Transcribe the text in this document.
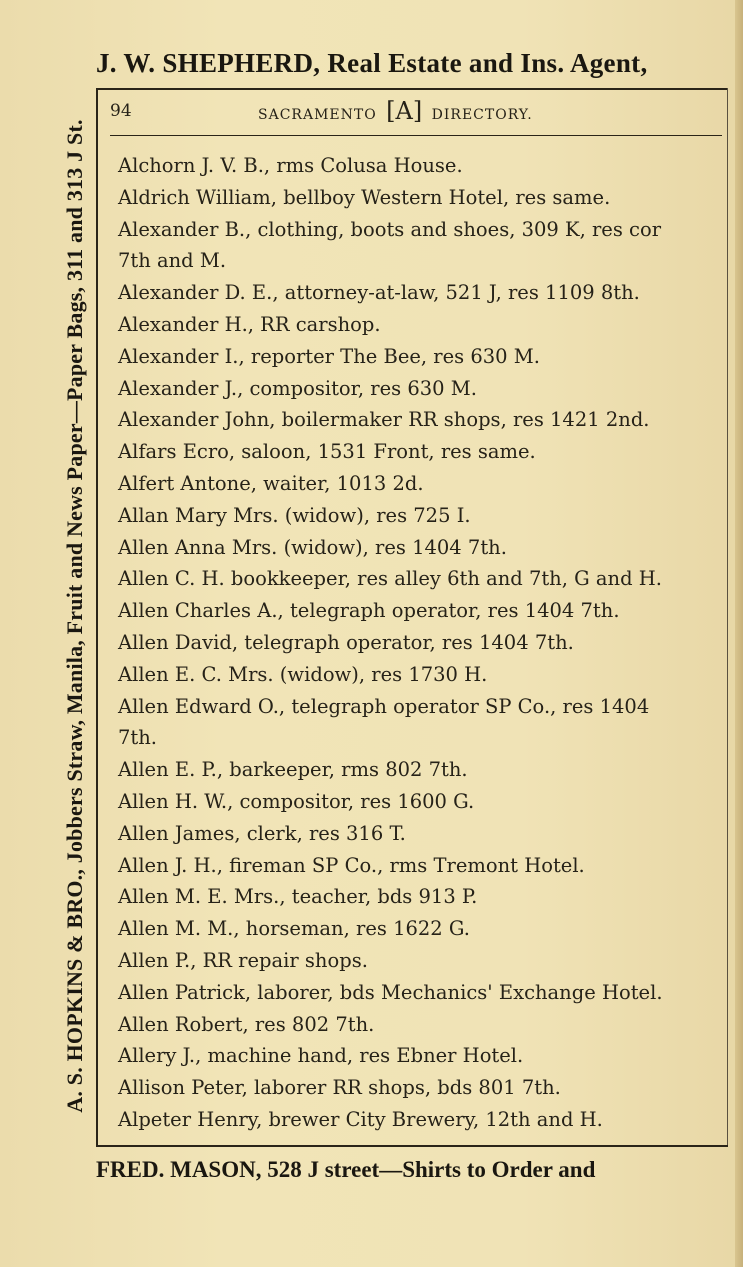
J. W. SHEPHERD, Real Estate and Ins. Agent,
A. S. HOPKINS & BRO., Jobbers Straw, Manila, Fruit and News Paper—Paper Bags, 311 and 313 J St.
94	SACRAMENTO [A] DIRECTORY.
Alchorn J. V. B., rms Colusa House.
Aldrich William, bellboy Western Hotel, res same.
Alexander B., clothing, boots and shoes, 309 K, res cor
7th and M.
Alexander D. E., attorney-at-law, 521 J, res 1109 8th.
Alexander H., RR carshop.
Alexander I., reporter The Bee, res 630 M.
Alexander J., compositor, res 630 M.
Alexander John, boilermaker RR shops, res 1421 2nd.
Alfars Ecro, saloon, 1531 Front, res same.
Alfert Antone, waiter, 1013 2d.
Allan Mary Mrs. (widow), res 725 I.
Allen Anna Mrs. (widow), res 1404 7th.
Allen C. H. bookkeeper, res alley 6th and 7th, G and H.
Allen Charles A., telegraph operator, res 1404 7th.
Allen David, telegraph operator, res 1404 7th.
Allen E. C. Mrs. (widow), res 1730 H.
Allen Edward O., telegraph operator SP Co., res 1404
7th.
Allen E. P., barkeeper, rms 802 7th.
Allen H. W., compositor, res 1600 G.
Allen James, clerk, res 316 T.
Allen J. H., fireman SP Co., rms Tremont Hotel.
Allen M. E. Mrs., teacher, bds 913 P.
Allen M. M., horseman, res 1622 G.
Allen P., RR repair shops.
Allen Patrick, laborer, bds Mechanics' Exchange Hotel.
Allen Robert, res 802 7th.
Allery J., machine hand, res Ebner Hotel.
Allison Peter, laborer RR shops, bds 801 7th.
Alpeter Henry, brewer City Brewery, 12th and H.
FRED. MASON, 528 J street—Shirts to Order and
